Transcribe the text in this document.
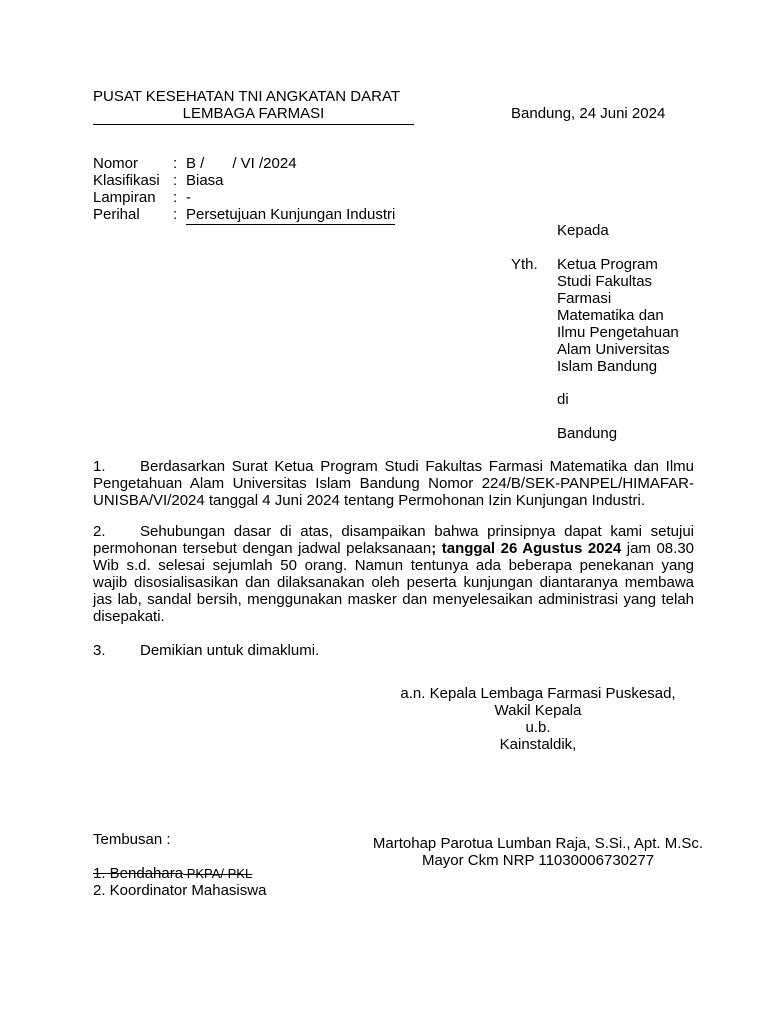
PUSAT KESEHATAN TNI ANGKATAN DARAT
LEMBAGA FARMASI	Bandung, 24 Juni 2024
Nomor	:	B / / VI /2024
Klasifikasi	:	Biasa
Lampiran	:	-
Perihal	:	Persetujuan Kunjungan Industri
Kepada
Yth. Ketua Program
Studi Fakultas
Farmasi
Matematika dan
Ilmu Pengetahuan
Alam Universitas
Islam Bandung
di
Bandung
1. Berdasarkan Surat Ketua Program Studi Fakultas Farmasi Matematika dan Ilmu Pengetahuan Alam Universitas Islam Bandung Nomor 224/B/SEK-PANPEL/HIMAFAR-UNISBA/VI/2024 tanggal 4 Juni 2024 tentang Permohonan Izin Kunjungan Industri.
2. Sehubungan dasar di atas, disampaikan bahwa prinsipnya dapat kami setujui permohonan tersebut dengan jadwal pelaksanaan; tanggal 26 Agustus 2024 jam 08.30 Wib s.d. selesai sejumlah 50 orang. Namun tentunya ada beberapa penekanan yang wajib disosialisasikan dan dilaksanakan oleh peserta kunjungan diantaranya membawa jas lab, sandal bersih, menggunakan masker dan menyelesaikan administrasi yang telah disepakati.
3. Demikian untuk dimaklumi.
a.n. Kepala Lembaga Farmasi Puskesad,
Wakil Kepala
u.b.
Kainstaldik,
Martohap Parotua Lumban Raja, S.Si., Apt. M.Sc.
Mayor Ckm NRP 11030006730277
Tembusan :
1. Bendahara PKPA/ PKL
2. Koordinator Mahasiswa
